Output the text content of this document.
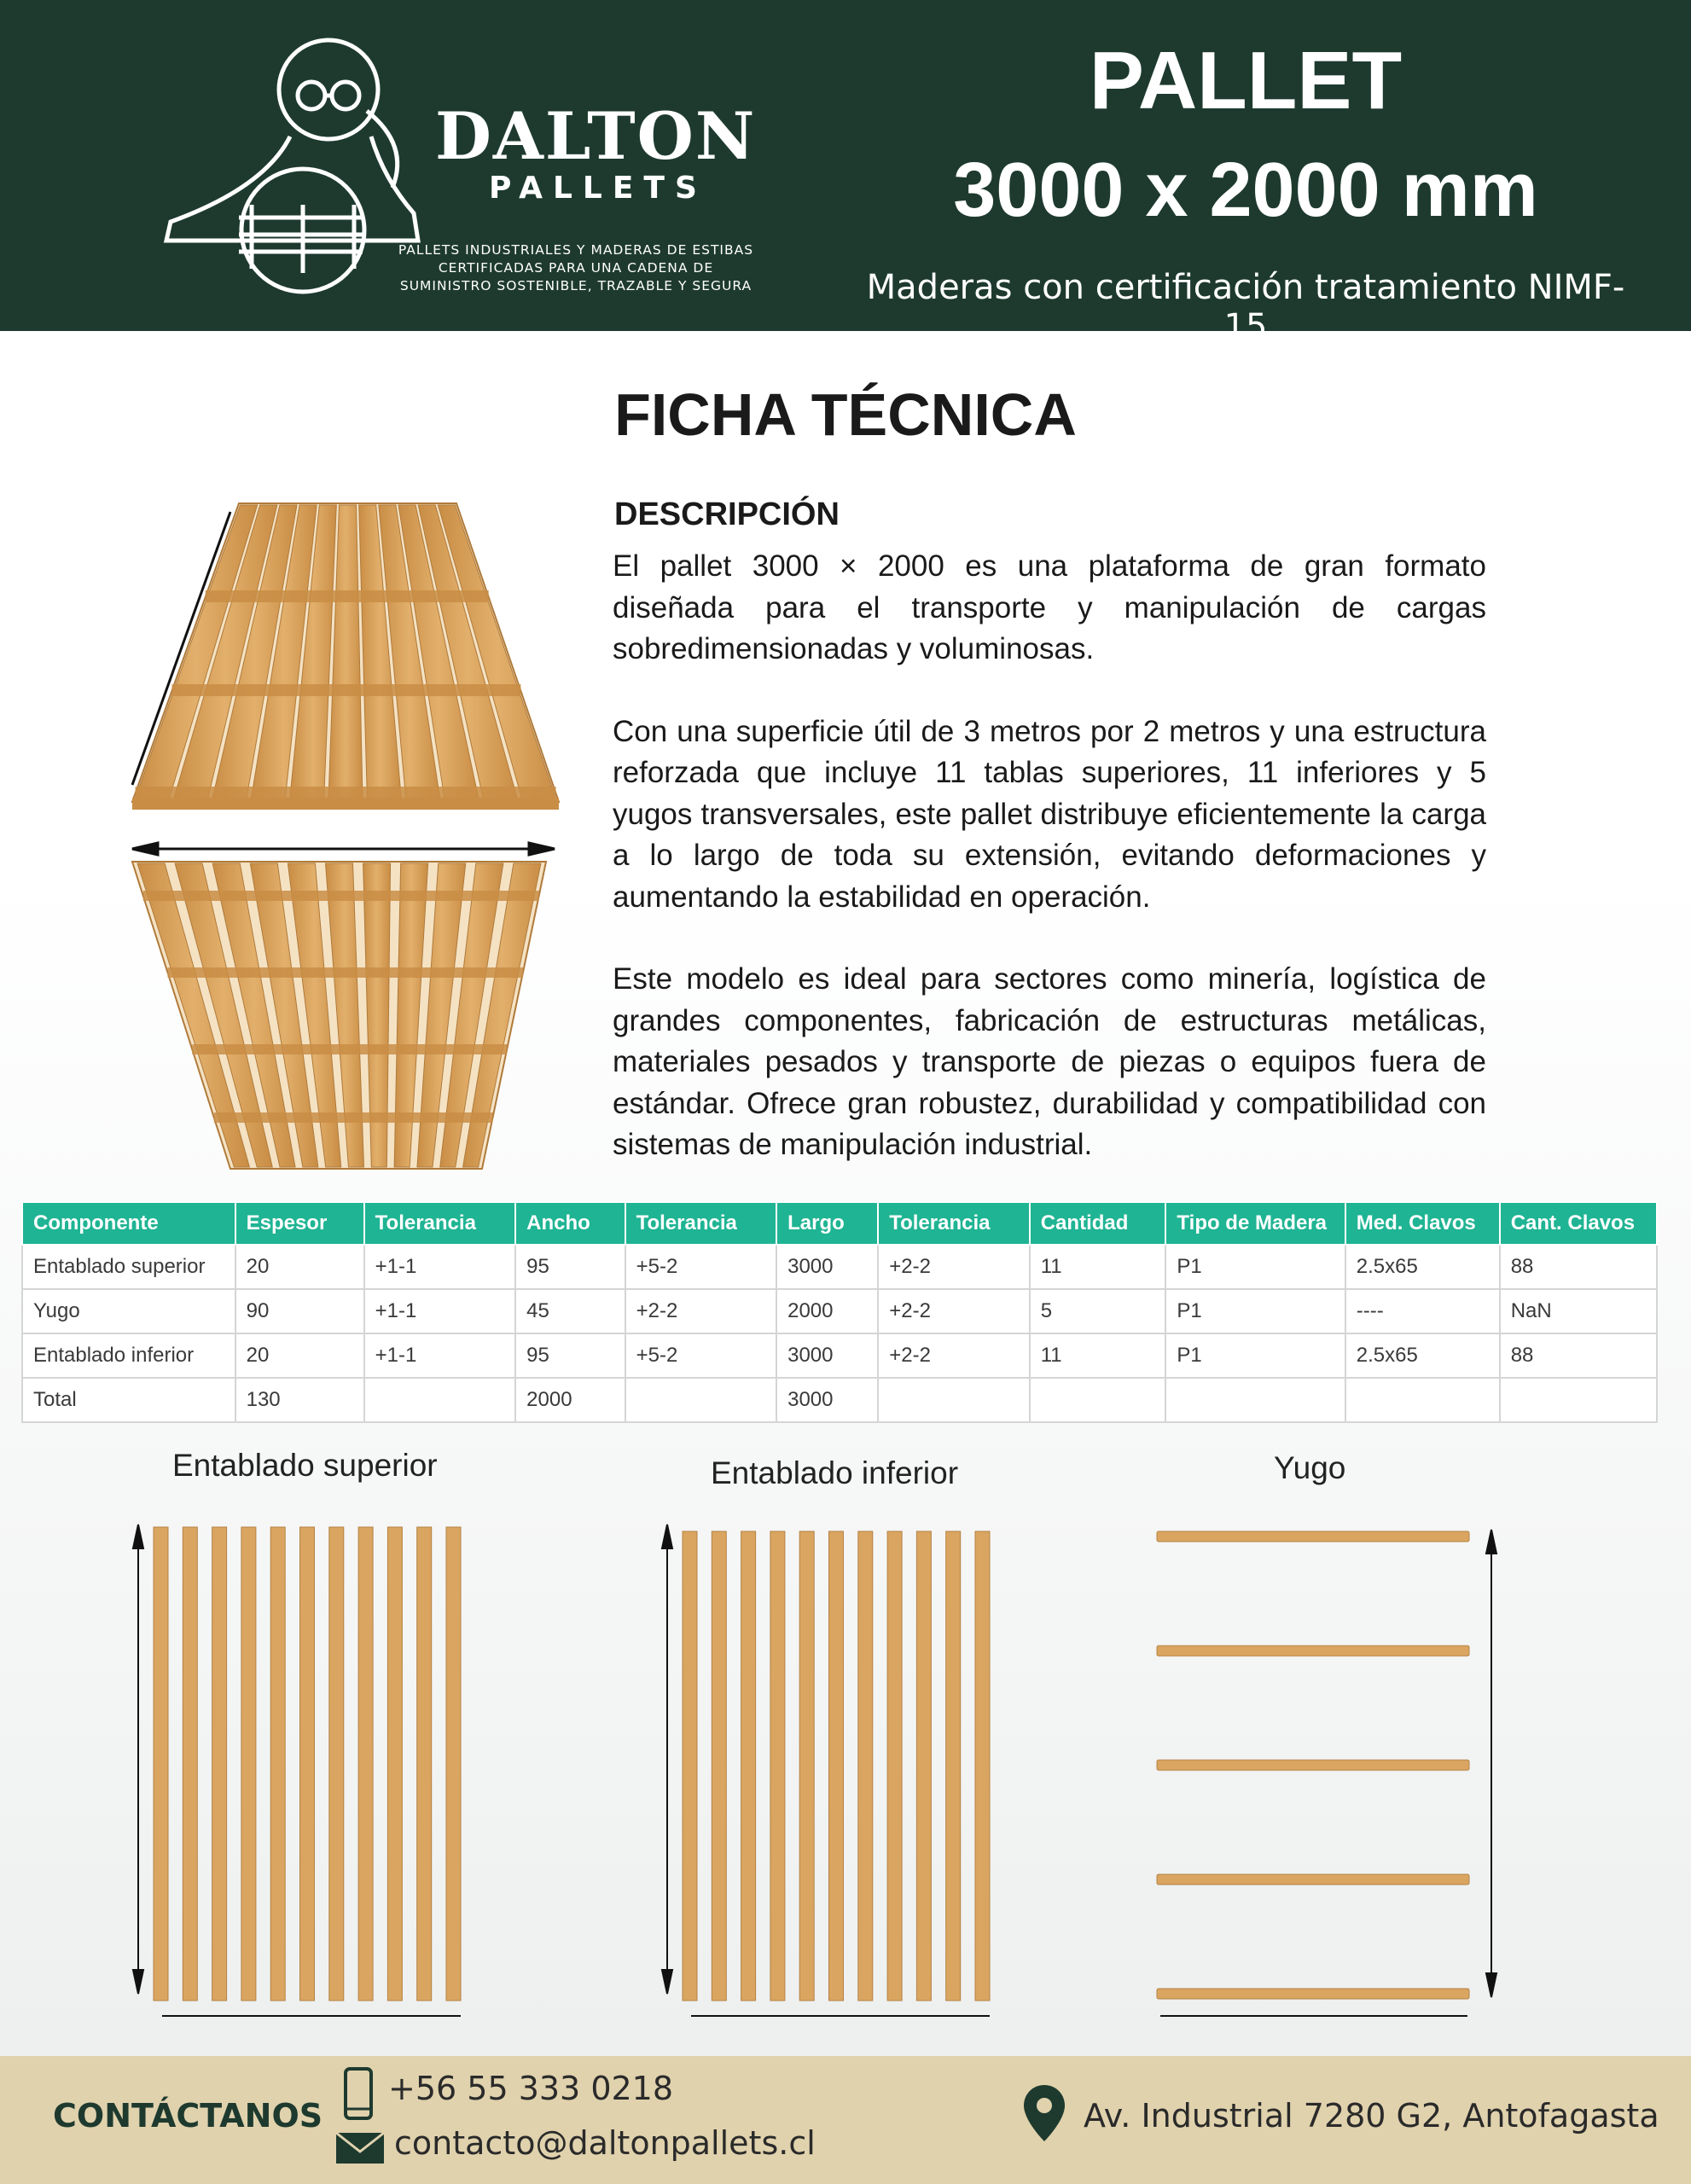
DALTON
PALLETS
PALLETS INDUSTRIALES Y MADERAS DE ESTIBAS
CERTIFICADAS PARA UNA CADENA DE
SUMINISTRO SOSTENIBLE, TRAZABLE Y SEGURA
PALLET
3000 x 2000 mm
Maderas con certificación tratamiento NIMF-15
FICHA TÉCNICA
DESCRIPCIÓN

El pallet 3000 × 2000 es una plataforma de gran formato diseñada para el transporte y manipulación de cargas sobredimensionadas y voluminosas.

Con una superficie útil de 3 metros por 2 metros y una estructura reforzada que incluye 11 tablas superiores, 11 inferiores y 5 yugos transversales, este pallet distribuye eficientemente la carga a lo largo de toda su extensión, evitando deformaciones y aumentando la estabilidad en operación.

Este modelo es ideal para sectores como minería, logística de grandes componentes, fabricación de estructuras metálicas, materiales pesados y transporte de piezas o equipos fuera de estándar. Ofrece gran robustez, durabilidad y compatibilidad con sistemas de manipulación industrial.

Componente	Espesor	Tolerancia	Ancho	Tolerancia	Largo	Tolerancia	Cantidad	Tipo de Madera	Med. Clavos	Cant. Clavos
Entablado superior	20	+1-1	95	+5-2	3000	+2-2	11	P1	2.5x65	88
Yugo	90	+1-1	45	+2-2	2000	+2-2	5	P1	----	NaN
Entablado inferior	20	+1-1	95	+5-2	3000	+2-2	11	P1	2.5x65	88
Total	130		2000		3000					
Entablado superior	Entablado inferior	Yugo
CONTÁCTANOS
+56 55 333 0218
contacto@daltonpallets.cl
Av. Industrial 7280 G2, Antofagasta
